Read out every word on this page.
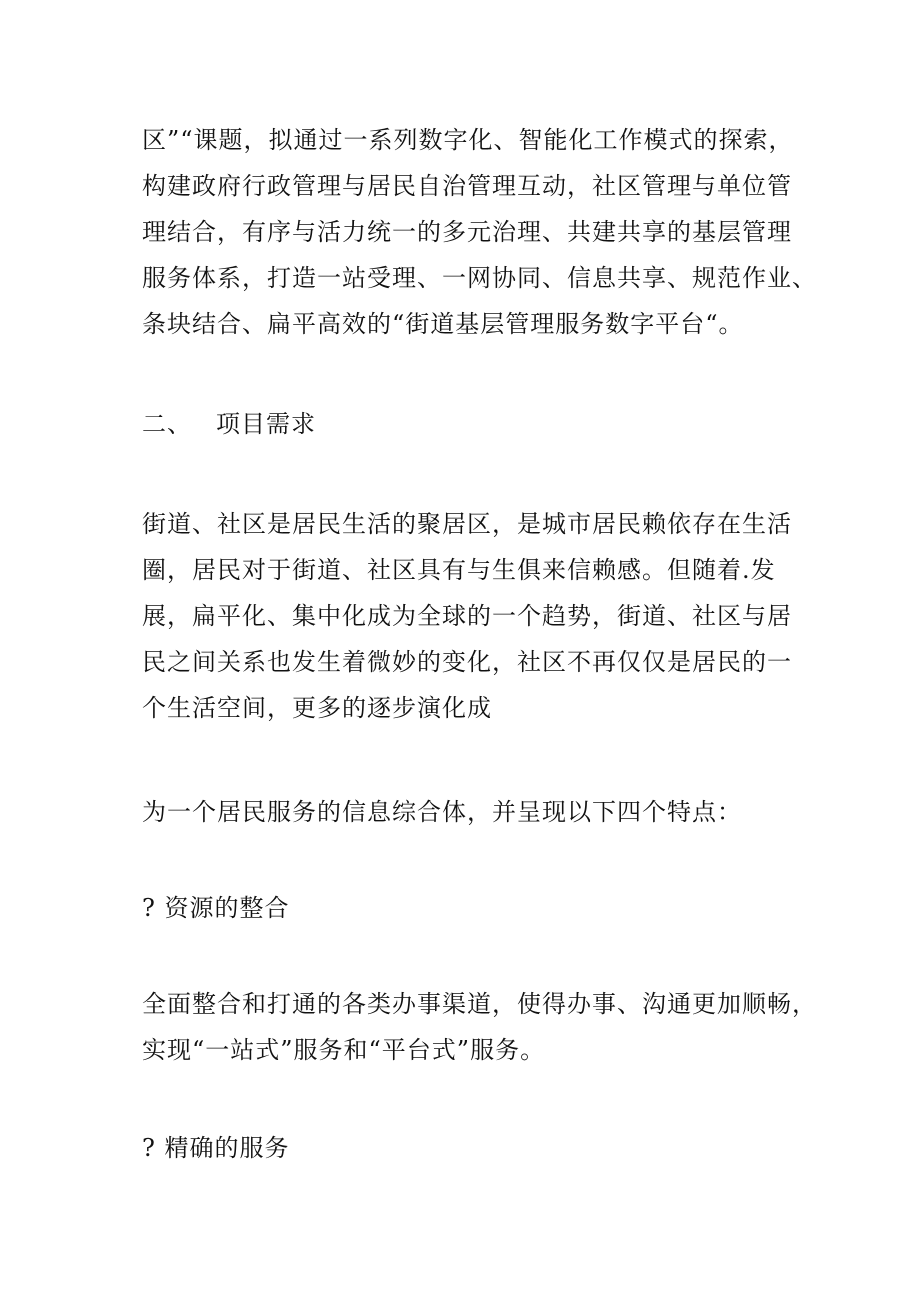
区”“课题，拟通过一系列数字化、智能化工作模式的探索，
构建政府行政管理与居民自治管理互动，社区管理与单位管
理结合，有序与活力统一的多元治理、共建共享的基层管理
服务体系，打造一站受理、一网协同、信息共享、规范作业、
条块结合、扁平高效的“街道基层管理服务数字平台“。
二、 项目需求
街道、社区是居民生活的聚居区，是城市居民赖依存在生活
圈，居民对于街道、社区具有与生俱来信赖感。但随着.发
展，扁平化、集中化成为全球的一个趋势，街道、社区与居
民之间关系也发生着微妙的变化，社区不再仅仅是居民的一
个生活空间，更多的逐步演化成
为一个居民服务的信息综合体，并呈现以下四个特点：
? 资源的整合
全面整合和打通的各类办事渠道，使得办事、沟通更加顺畅，
实现“一站式”服务和“平台式”服务。
? 精确的服务
